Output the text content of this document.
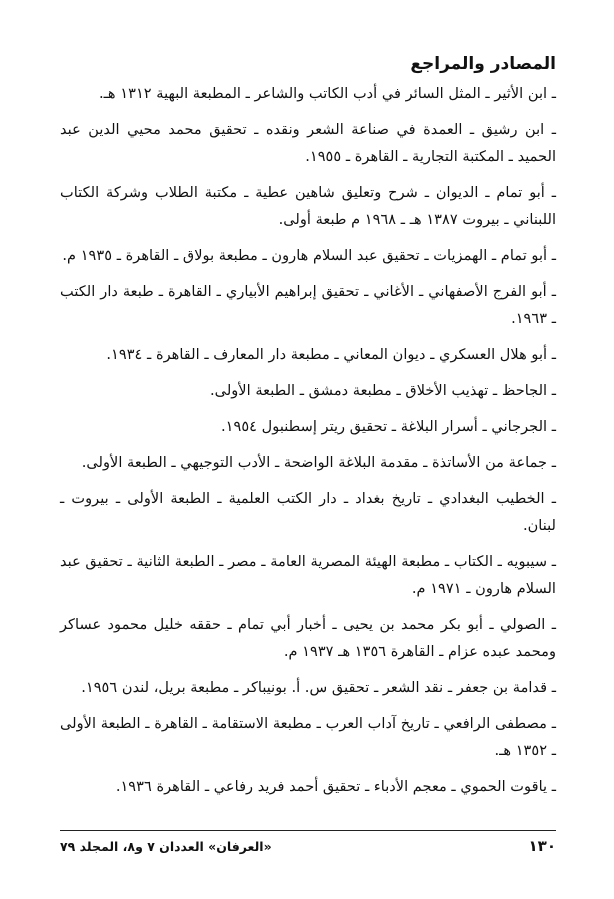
المصادر والمراجع
ـ ابن الأثير ـ المثل السائر في أدب الكاتب والشاعر ـ المطبعة البهية ١٣١٢ هـ.
ـ ابن رشيق ـ العمدة في صناعة الشعر ونقده ـ تحقيق محمد محيي الدين عبد الحميد ـ المكتبة التجارية ـ القاهرة ـ ١٩٥٥.
ـ أبو تمام ـ الديوان ـ شرح وتعليق شاهين عطية ـ مكتبة الطلاب وشركة الكتاب اللبناني ـ بيروت ١٣٨٧ هـ ـ ١٩٦٨ م طبعة أولى.
ـ أبو تمام ـ الهمزيات ـ تحقيق عبد السلام هارون ـ مطبعة بولاق ـ القاهرة ـ ١٩٣٥ م.
ـ أبو الفرج الأصفهاني ـ الأغاني ـ تحقيق إبراهيم الأبياري ـ القاهرة ـ طبعة دار الكتب ـ ١٩٦٣.
ـ أبو هلال العسكري ـ ديوان المعاني ـ مطبعة دار المعارف ـ القاهرة ـ ١٩٣٤.
ـ الجاحظ ـ تهذيب الأخلاق ـ مطبعة دمشق ـ الطبعة الأولى.
ـ الجرجاني ـ أسرار البلاغة ـ تحقيق ريتر إسطنبول ١٩٥٤.
ـ جماعة من الأساتذة ـ مقدمة البلاغة الواضحة ـ الأدب التوجيهي ـ الطبعة الأولى.
ـ الخطيب البغدادي ـ تاريخ بغداد ـ دار الكتب العلمية ـ الطبعة الأولى ـ بيروت ـ لبنان.
ـ سيبويه ـ الكتاب ـ مطبعة الهيئة المصرية العامة ـ مصر ـ الطبعة الثانية ـ تحقيق عبد السلام هارون ـ ١٩٧١ م.
ـ الصولي ـ أبو بكر محمد بن يحيى ـ أخبار أبي تمام ـ حققه خليل محمود عساكر ومحمد عبده عزام ـ القاهرة ١٣٥٦ هـ ١٩٣٧ م.
ـ قدامة بن جعفر ـ نقد الشعر ـ تحقيق س. أ. بونيباكر ـ مطبعة بريل، لندن ١٩٥٦.
ـ مصطفى الرافعي ـ تاريخ آداب العرب ـ مطبعة الاستقامة ـ القاهرة ـ الطبعة الأولى ـ ١٣٥٢ هـ.
ـ ياقوت الحموي ـ معجم الأدباء ـ تحقيق أحمد فريد رفاعي ـ القاهرة ١٩٣٦.
١٣٠
«العرفان» العددان ٧ و٨، المجلد ٧٩
